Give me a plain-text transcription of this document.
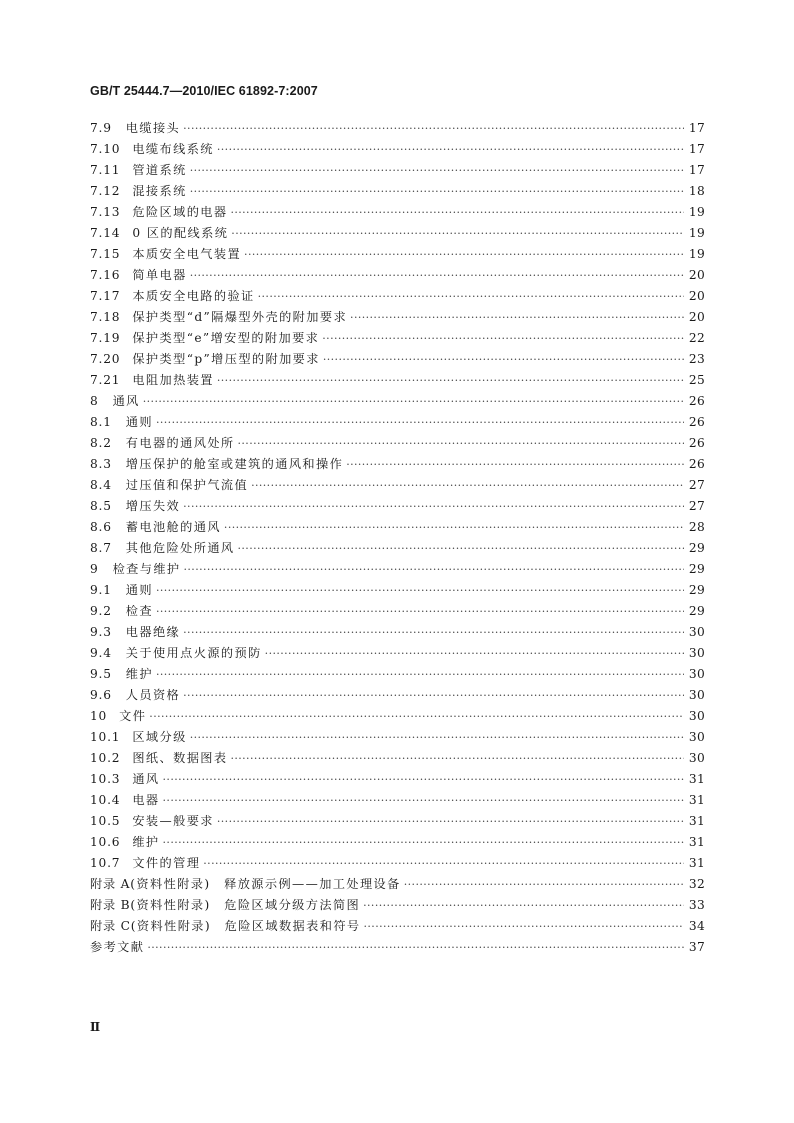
GB/T 25444.7—2010/IEC 61892-7:2007
7.9 电缆接头 ·····	17
7.10 电缆布线系统 ·····	17
7.11 管道系统 ·····	17
7.12 混接系统 ·····	18
7.13 危险区域的电器 ·····	19
7.14 0 区的配线系统 ·····	19
7.15 本质安全电气装置 ·····	19
7.16 简单电器 ·····	20
7.17 本质安全电路的验证 ·····	20
7.18 保护类型“d”隔爆型外壳的附加要求 ·····	20
7.19 保护类型“e”增安型的附加要求 ·····	22
7.20 保护类型“p”增压型的附加要求 ·····	23
7.21 电阻加热装置 ·····	25
8 通风 ·····	26
8.1 通则 ·····	26
8.2 有电器的通风处所 ·····	26
8.3 增压保护的舱室或建筑的通风和操作 ·····	26
8.4 过压值和保护气流值 ·····	27
8.5 增压失效 ·····	27
8.6 蓄电池舱的通风 ·····	28
8.7 其他危险处所通风 ·····	29
9 检查与维护 ·····	29
9.1 通则 ·····	29
9.2 检查 ·····	29
9.3 电器绝缘 ·····	30
9.4 关于使用点火源的预防 ·····	30
9.5 维护 ·····	30
9.6 人员资格 ·····	30
10 文件 ·····	30
10.1 区域分级 ·····	30
10.2 图纸、数据图表 ·····	30
10.3 通风 ·····	31
10.4 电器 ·····	31
10.5 安装—般要求 ·····	31
10.6 维护 ·····	31
10.7 文件的管理 ·····	31
附录 A (资料性附录)　释放源示例——加工处理设备 ·····	32
附录 B (资料性附录)　危险区域分级方法简图 ·····	33
附录 C (资料性附录)　危险区域数据表和符号 ·····	34
参考文献 ·····	37
Ⅱ
